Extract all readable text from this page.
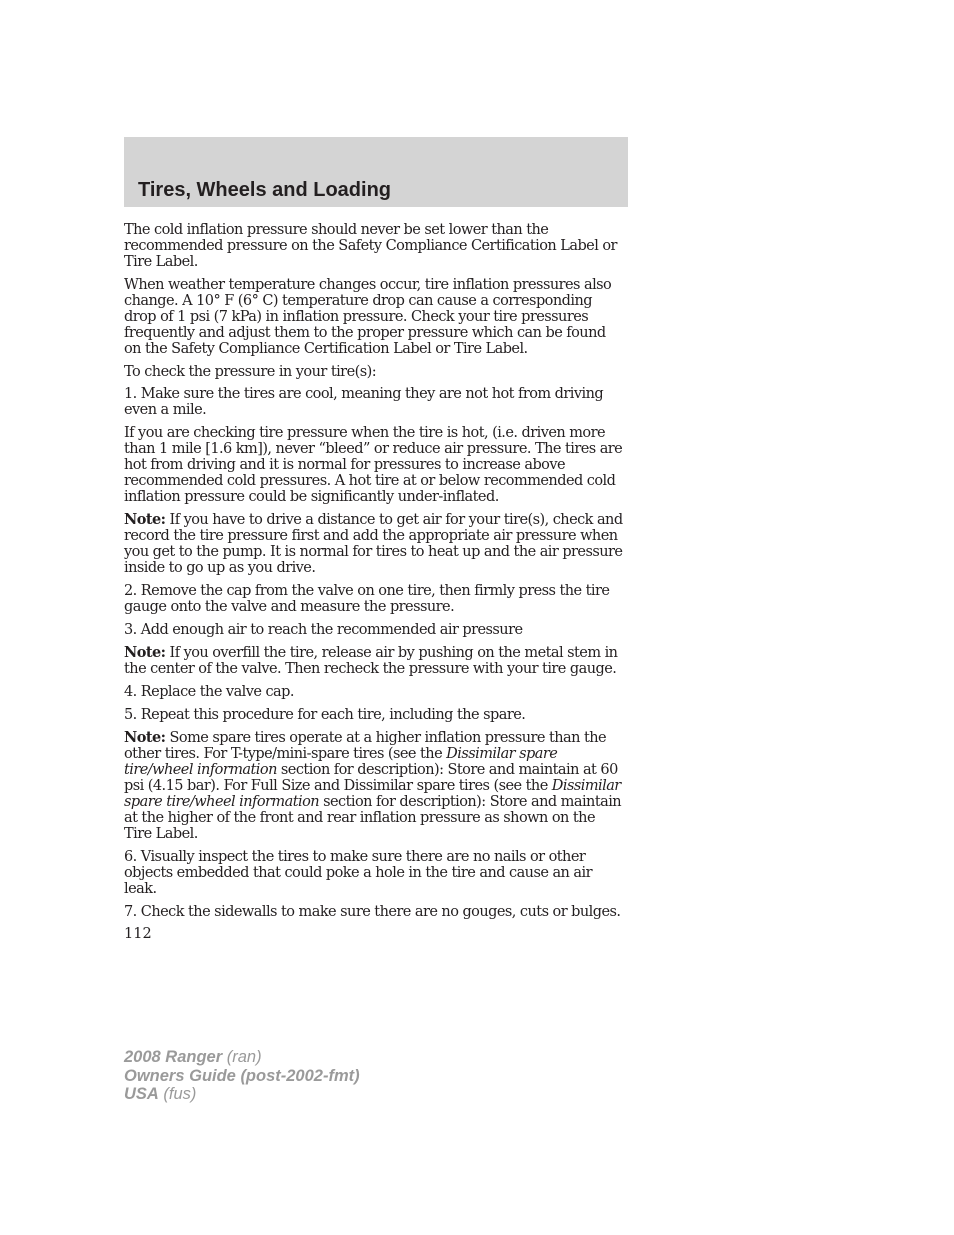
Tires, Wheels and Loading

The cold inflation pressure should never be set lower than the recommended pressure on the Safety Compliance Certification Label or Tire Label.

When weather temperature changes occur, tire inflation pressures also change. A 10° F (6° C) temperature drop can cause a corresponding drop of 1 psi (7 kPa) in inflation pressure. Check your tire pressures frequently and adjust them to the proper pressure which can be found on the Safety Compliance Certification Label or Tire Label.

To check the pressure in your tire(s):

1. Make sure the tires are cool, meaning they are not hot from driving even a mile.

If you are checking tire pressure when the tire is hot, (i.e. driven more than 1 mile [1.6 km]), never “bleed” or reduce air pressure. The tires are hot from driving and it is normal for pressures to increase above recommended cold pressures. A hot tire at or below recommended cold inflation pressure could be significantly under-inflated.

Note: If you have to drive a distance to get air for your tire(s), check and record the tire pressure first and add the appropriate air pressure when you get to the pump. It is normal for tires to heat up and the air pressure inside to go up as you drive.

2. Remove the cap from the valve on one tire, then firmly press the tire gauge onto the valve and measure the pressure.

3. Add enough air to reach the recommended air pressure

Note: If you overfill the tire, release air by pushing on the metal stem in the center of the valve. Then recheck the pressure with your tire gauge.

4. Replace the valve cap.

5. Repeat this procedure for each tire, including the spare.

Note: Some spare tires operate at a higher inflation pressure than the other tires. For T-type/mini-spare tires (see the Dissimilar spare tire/wheel information section for description): Store and maintain at 60 psi (4.15 bar). For Full Size and Dissimilar spare tires (see the Dissimilar spare tire/wheel information section for description): Store and maintain at the higher of the front and rear inflation pressure as shown on the Tire Label.

6. Visually inspect the tires to make sure there are no nails or other objects embedded that could poke a hole in the tire and cause an air leak.

7. Check the sidewalls to make sure there are no gouges, cuts or bulges.

112
2008 Ranger (ran)
Owners Guide (post-2002-fmt)
USA (fus)
